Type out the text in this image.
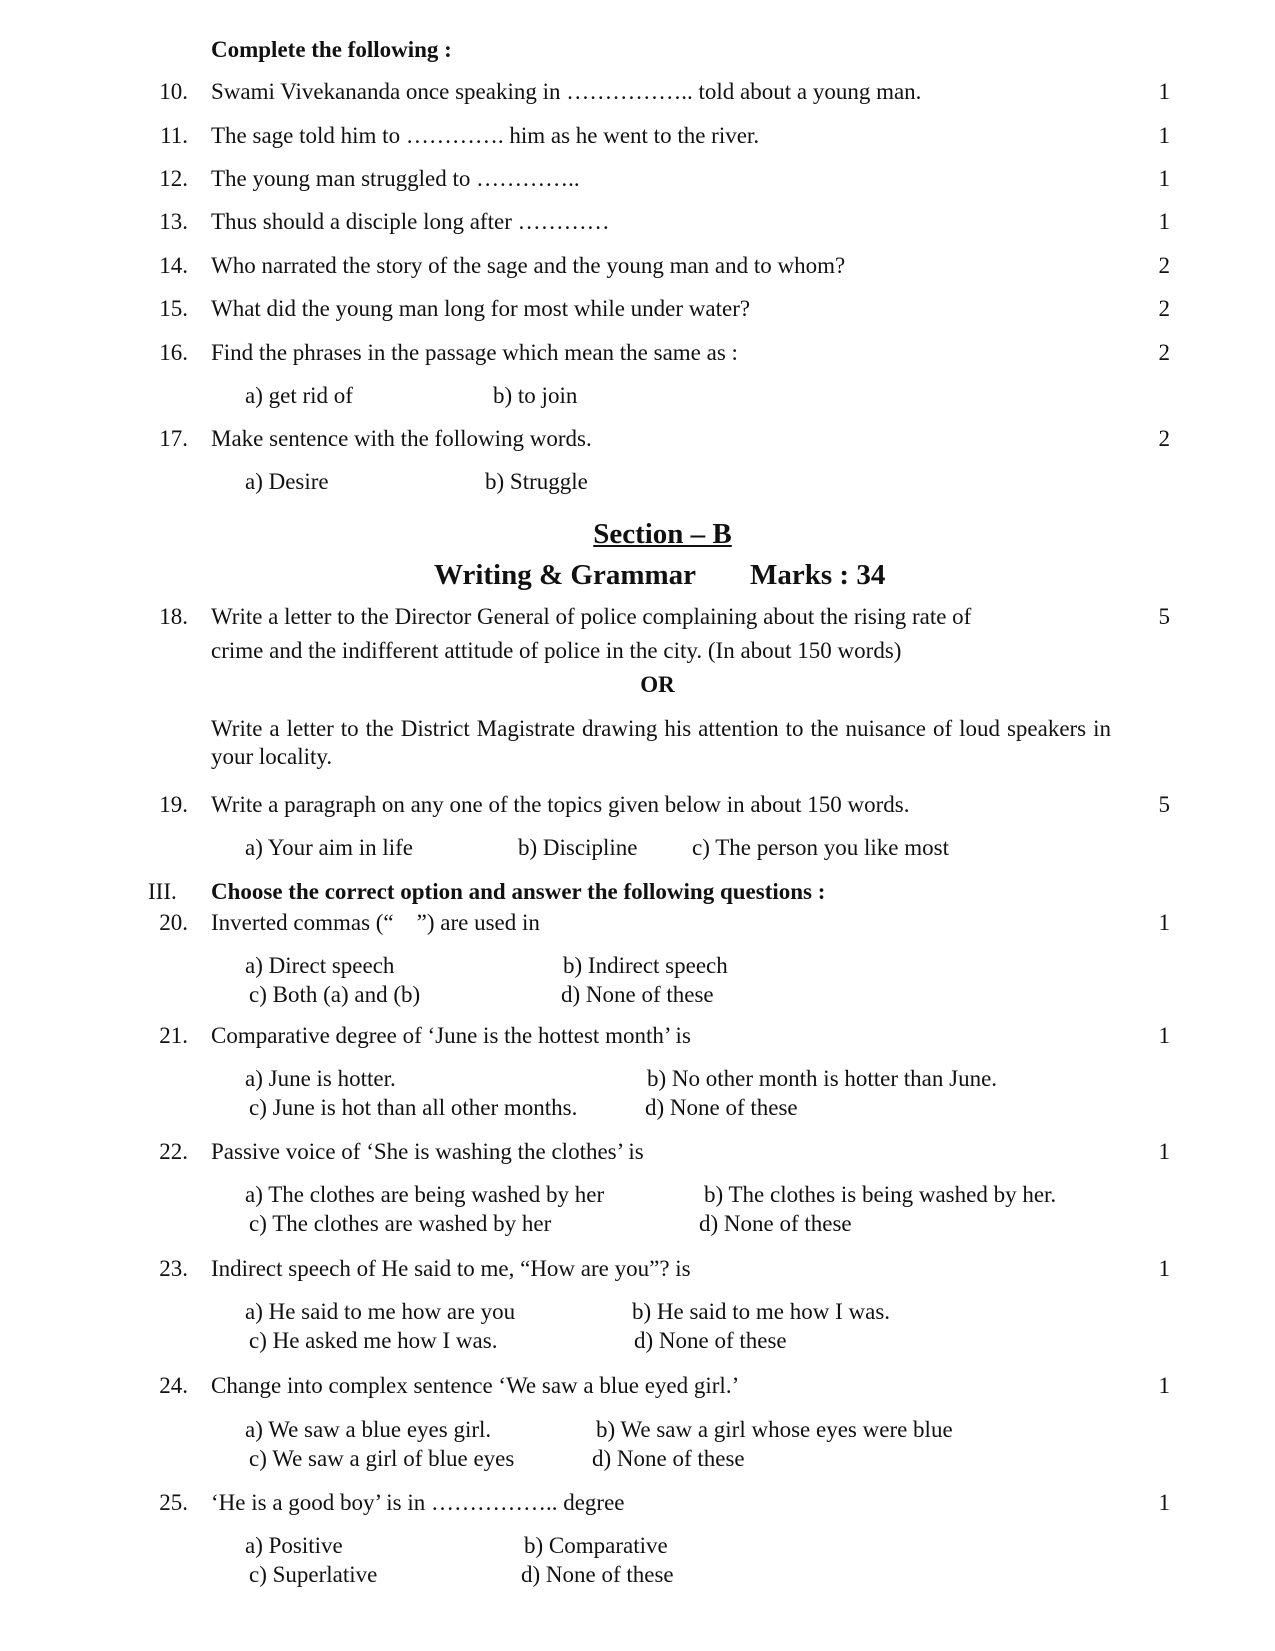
Complete the following :
10. Swami Vivekananda once speaking in …………….. told about a young man.	1
11. The sage told him to …………. him as he went to the river.	1
12. The young man struggled to …………..	1
13. Thus should a disciple long after …………	1
14. Who narrated the story of the sage and the young man and to whom?	2
15. What did the young man long for most while under water?	2
16. Find the phrases in the passage which mean the same as :	2
a) get rid of	b) to join
17. Make sentence with the following words.	2
a) Desire	b) Struggle
Section – B
Writing & Grammar Marks : 34
18. Write a letter to the Director General of police complaining about the rising rate of
crime and the indifferent attitude of police in the city. (In about 150 words)
5
OR
Write a letter to the District Magistrate drawing his attention to the nuisance of loud speakers in your locality.
19. Write a paragraph on any one of the topics given below in about 150 words.	5
a) Your aim in life	b) Discipline c) The person you like most
III. Choose the correct option and answer the following questions :
20. Inverted commas (“    ”) are used in	1
a) Direct speech	b) Indirect speech
c) Both (a) and (b)	d) None of these
21. Comparative degree of ‘June is the hottest month’ is	1
a) June is hotter.	b) No other month is hotter than June.
c) June is hot than all other months.	d) None of these
22. Passive voice of ‘She is washing the clothes’ is	1
a) The clothes are being washed by her	b) The clothes is being washed by her.
c) The clothes are washed by her	d) None of these
23. Indirect speech of He said to me, “How are you”? is	1
a) He said to me how are you	b) He said to me how I was.
c) He asked me how I was.	d) None of these
24. Change into complex sentence ‘We saw a blue eyed girl.’	1
a) We saw a blue eyes girl.	b) We saw a girl whose eyes were blue
c) We saw a girl of blue eyes	d) None of these
25. ‘He is a good boy’ is in …………….. degree	1
a) Positive	b) Comparative
c) Superlative	d) None of these
